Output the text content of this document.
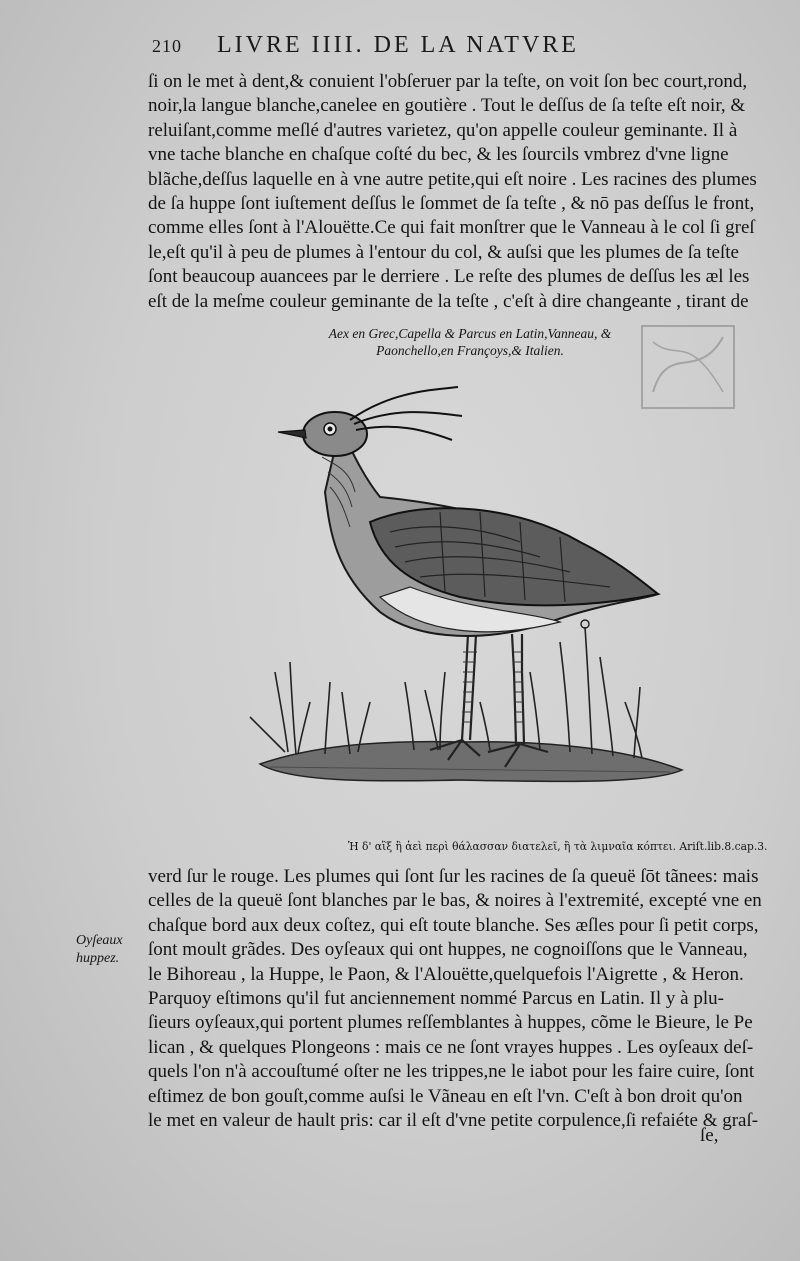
210 LIVRE IIII. DE LA NATVRE
ſi on le met à dent,& conuient l'obſeruer par la teſte, on voit ſon bec court,rond,
noir,la langue blanche,canelee en goutière . Tout le deſſus de ſa teſte eſt noir, &
reluiſant,comme meſlé d'autres varietez, qu'on appelle couleur geminante. Il à
vne tache blanche en chaſque coſté du bec, & les ſourcils vmbrez d'vne ligne
blãche,deſſus laquelle en à vne autre petite,qui eſt noire . Les racines des plumes
de ſa huppe ſont iuſtement deſſus le ſommet de ſa teſte , & nō pas deſſus le front,
comme elles ſont à l'Alouëtte.Ce qui fait monſtrer que le Vanneau à le col ſi greſ
le,eſt qu'il à peu de plumes à l'entour du col, & auſsi que les plumes de ſa teſte
ſont beaucoup auancees par le derriere . Le reſte des plumes de deſſus les æl les
eſt de la meſme couleur geminante de la teſte , c'eſt à dire changeante , tirant de
Aex en Grec,Capella & Parcus en Latin,Vanneau, &
Paonchello,en Françoys,& Italien.
Ἡ δ' αἲξ ἢ ἀεὶ περὶ θάλασσαν διατελεῖ, ἢ τὰ λιμναῖα κόπτει. Ariſt.lib.8.cap.3.
Oyſeaux
huppez.
verd ſur le rouge. Les plumes qui ſont ſur les racines de ſa queuë ſōt tãnees: mais
celles de la queuë ſont blanches par le bas, & noires à l'extremité, excepté vne en
chaſque bord aux deux coſtez, qui eſt toute blanche. Ses æſles pour ſi petit corps,
ſont moult grãdes. Des oyſeaux qui ont huppes, ne cognoiſſons que le Vanneau,
le Bihoreau , la Huppe, le Paon, & l'Alouëtte,quelquefois l'Aigrette , & Heron.
Parquoy eſtimons qu'il fut anciennement nommé Parcus en Latin. Il y à plu-
ſieurs oyſeaux,qui portent plumes reſſemblantes à huppes, cõme le Bieure, le Pe
lican , & quelques Plongeons : mais ce ne ſont vrayes huppes . Les oyſeaux deſ-
quels l'on n'à accouſtumé oſter ne les trippes,ne le iabot pour les faire cuire, ſont
eſtimez de bon gouſt,comme auſsi le Vãneau en eſt l'vn. C'eſt à bon droit qu'on
le met en valeur de hault pris: car il eſt d'vne petite corpulence,ſi refaiéte & graſ-
ſe,
